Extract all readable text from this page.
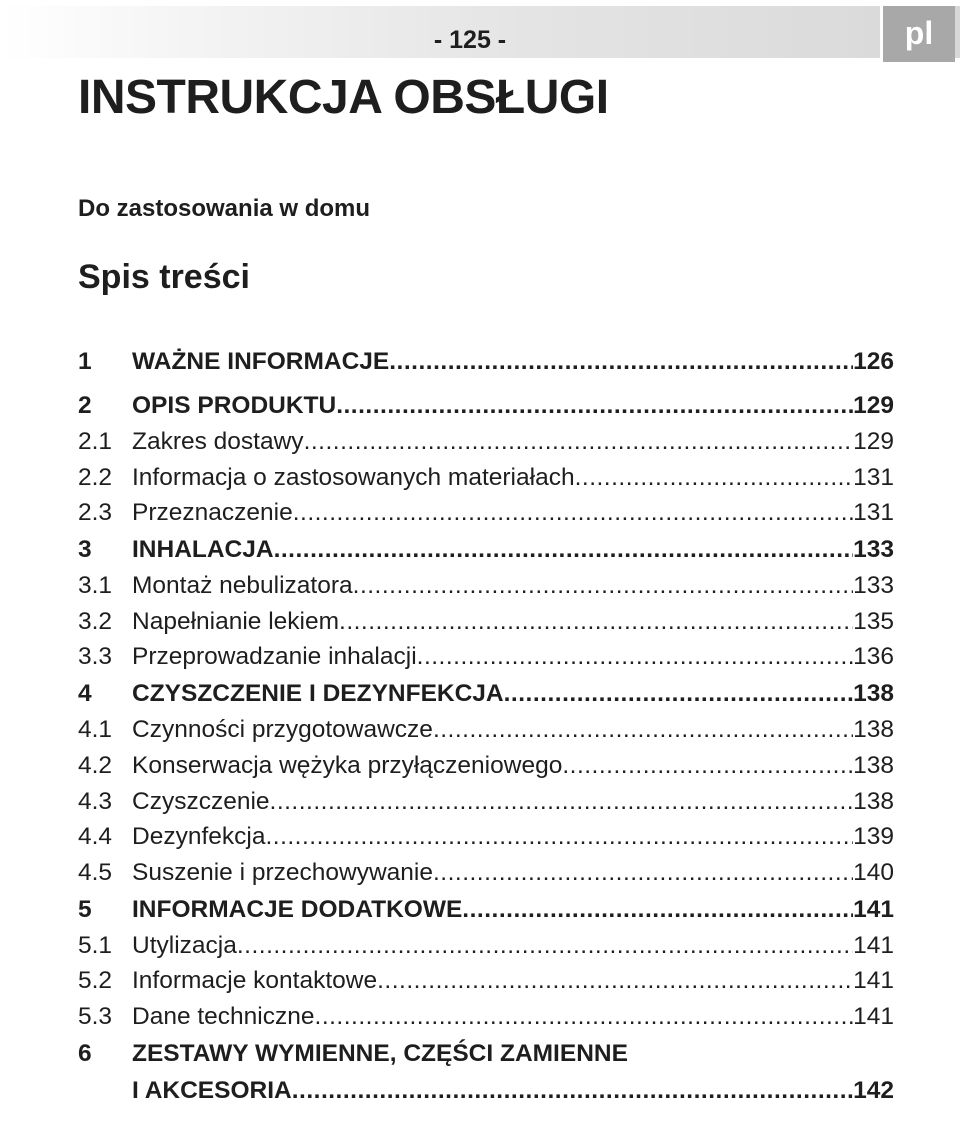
- 125 -	pl
INSTRUKCJA OBSŁUGI
Do zastosowania w domu
Spis treści
1 WAŻNE INFORMACJE .....	126
2 OPIS PRODUKTU .....	129
2.1 Zakres dostawy .....	129
2.2 Informacja o zastosowanych materiałach .....	131
2.3 Przeznaczenie .....	131
3 INHALACJA .....	133
3.1 Montaż nebulizatora .....	133
3.2 Napełnianie lekiem .....	135
3.3 Przeprowadzanie inhalacji .....	136
4 CZYSZCZENIE I DEZYNFEKCJA .....	138
4.1 Czynności przygotowawcze .....	138
4.2 Konserwacja wężyka przyłączeniowego .....	138
4.3 Czyszczenie .....	138
4.4 Dezynfekcja .....	139
4.5 Suszenie i przechowywanie .....	140
5 INFORMACJE DODATKOWE .....	141
5.1 Utylizacja .....	141
5.2 Informacje kontaktowe .....	141
5.3 Dane techniczne .....	141
6 ZESTAWY WYMIENNE, CZĘŚCI ZAMIENNE
I AKCESORIA .....	142
